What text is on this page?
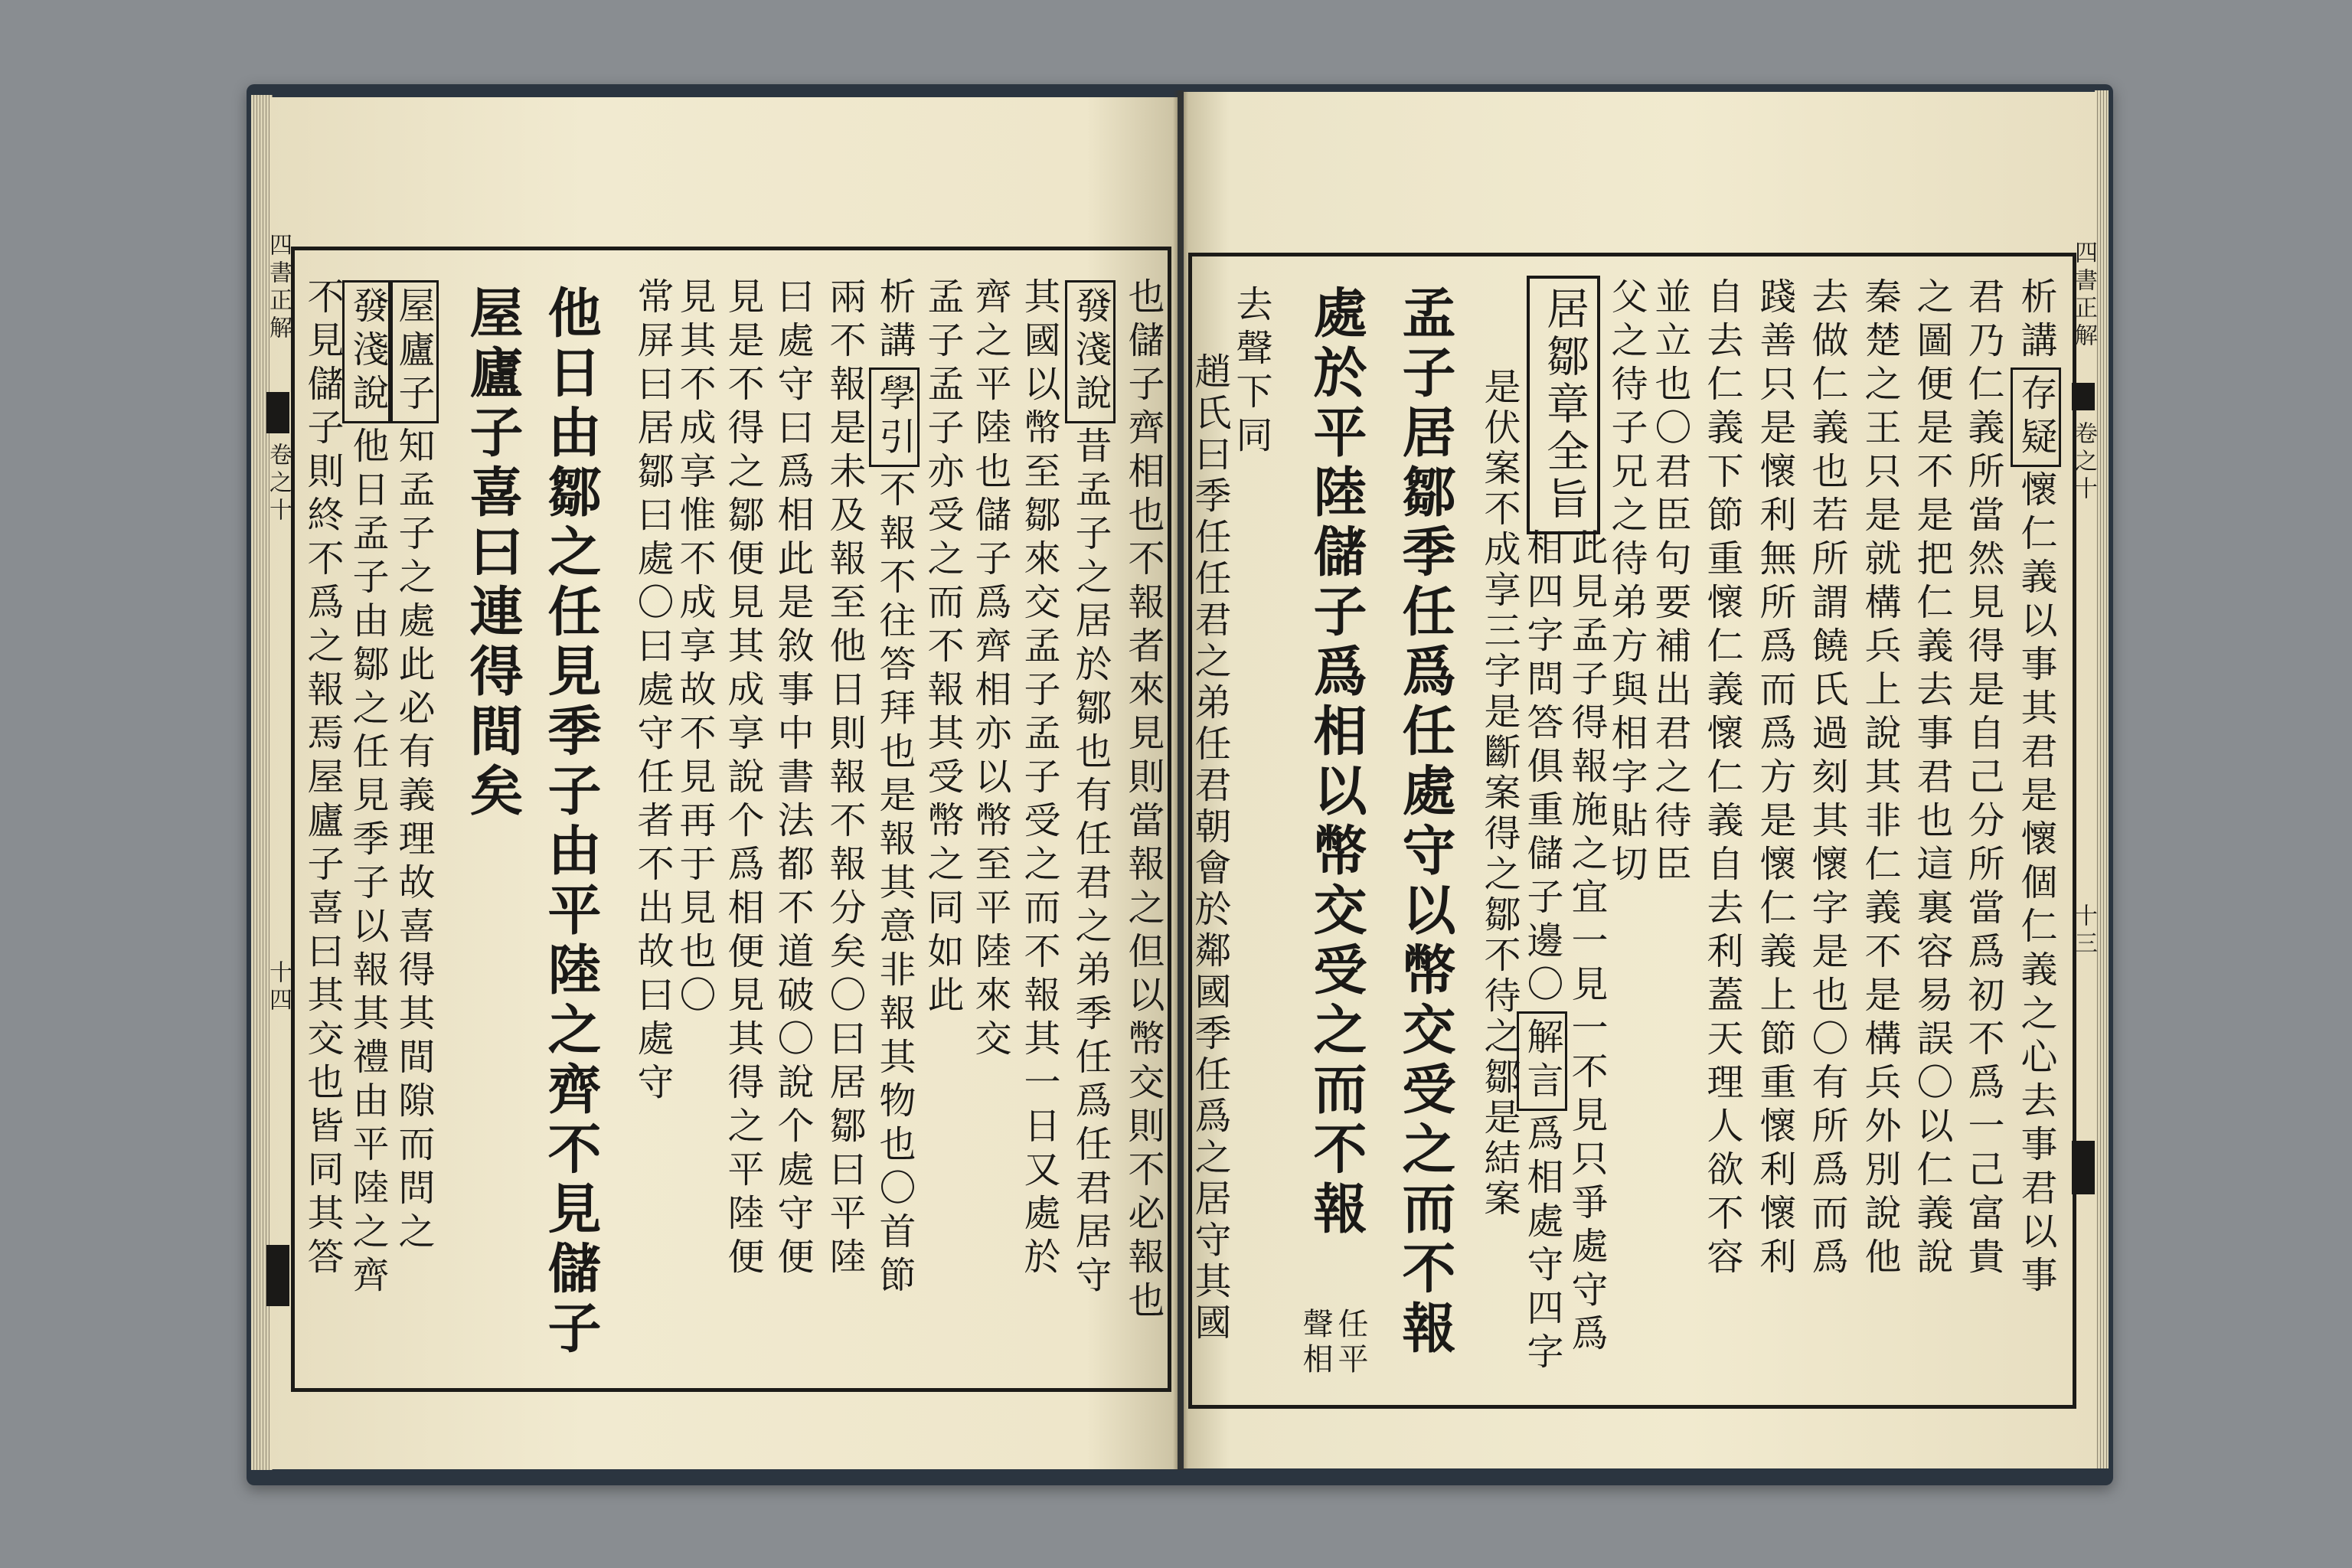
四書正解
卷之十
十三
析講存疑懷仁義以事其君是懷個仁義之心去事君以事
君乃仁義所當然見得是自己分所當爲初不爲一己富貴
之圖便是不是把仁義去事君也這裏容易誤〇以仁義說
秦楚之王只是就構兵上說其非仁義不是構兵外別說他
去做仁義也若所謂饒氏過刻其懷字是也〇有所爲而爲
踐善只是懷利無所爲而爲方是懷仁義上節重懷利懷利
自去仁義下節重懷仁義懷仁義自去利蓋天理人欲不容
並立也〇君臣句要補出君之待臣
父之待子兄之待弟方與相字貼切
居鄒章全旨
此見孟子得報施之宜一見一不見只爭處守爲
相四字問答俱重儲子邊〇解言爲相處守四字
是伏案不成享三字是斷案得之鄒不待之鄒是結案
孟子居鄒季任爲任處守以幣交受之而不報
處於平陸儲子爲相以幣交受之而不報
任平
聲相
去聲下同
趙氏曰季任任君之弟任君朝會於鄰國季任爲之居守其國
四書正解
卷之十
十四	也儲子齊相也不報者來見則當報之但以幣交則不必報也
發淺說昔孟子之居於鄒也有任君之弟季任爲任君居守
其國以幣至鄒來交孟子孟子受之而不報其一日又處於
齊之平陸也儲子爲齊相亦以幣至平陸來交
孟子孟子亦受之而不報其受幣之同如此
析講學引不報不往答拜也是報其意非報其物也〇首節
兩不報是未及報至他日則報不報分矣〇曰居鄒曰平陸
曰處守曰爲相此是敘事中書法都不道破〇說个處守便
見是不得之鄒便見其成享說个爲相便見其得之平陸便
見其不成享惟不成享故不見再于見也〇
常屏曰居鄒曰處〇曰處守任者不出故曰處守
他日由鄒之任見季子由平陸之齊不見儲子
屋廬子喜曰連得間矣
屋廬子知孟子之處此必有義理故喜得其間隙而問之
發淺說他日孟子由鄒之任見季子以報其禮由平陸之齊
不見儲子則終不爲之報焉屋廬子喜曰其交也皆同其答
